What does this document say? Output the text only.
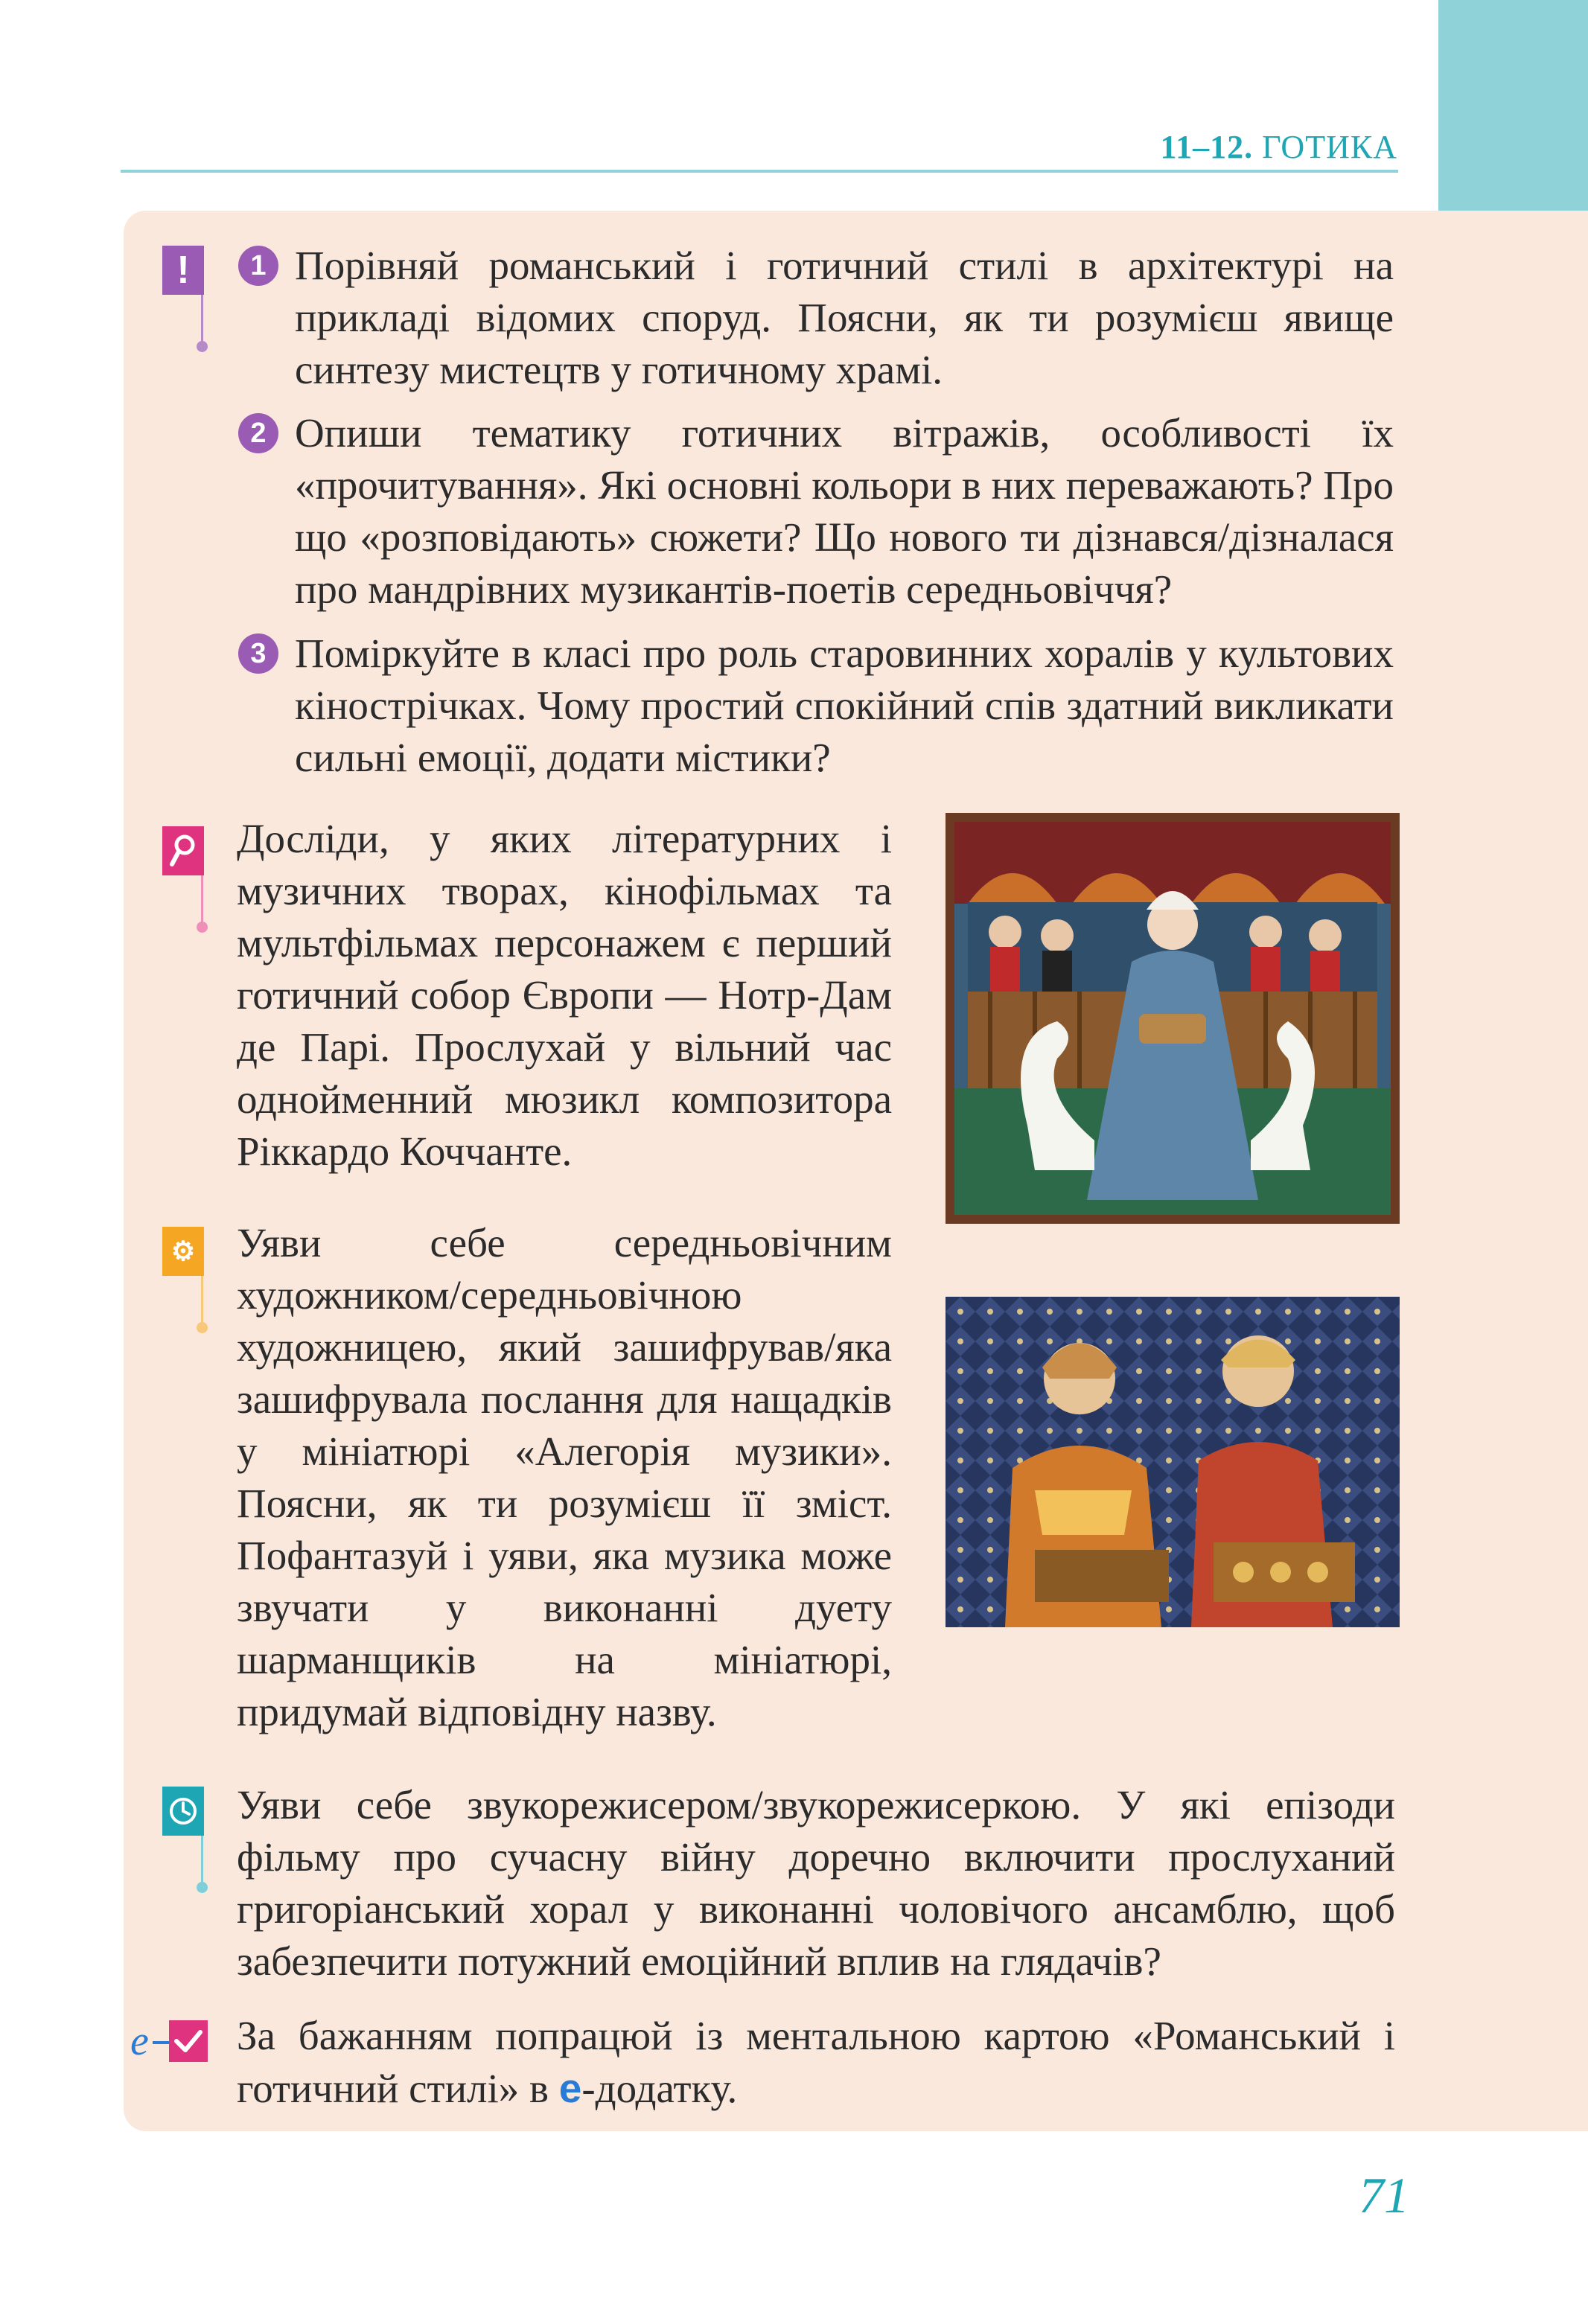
11–12. ГОТИКА
!	1 Порівняй романський і готичний стилі в архітектурі на прикладі відомих споруд. Поясни, як ти розумієш явище синтезу мистецтв у готичному храмі.
2 Опиши тематику готичних вітражів, особливості їх «прочитування». Які основні кольори в них переважають? Про що «розповідають» сюжети? Що нового ти дізнався/дізналася про мандрівних музикантів-поетів середньовіччя?
3 Поміркуйте в класі про роль старовинних хоралів у культових кінострічках. Чому простий спокійний спів здатний викликати сильні емоції, додати містики?
Досліди, у яких літературних і музичних творах, кінофільмах та мультфільмах персонажем є перший готичний собор Європи — Нотр-Дам де Парі. Прослухай у вільний час однойменний мюзикл композитора Ріккардо Коччанте.
⚙ Уяви себе середньовічним художником/середньовічною художницею, який зашифрував/яка зашифрувала послання для нащадків у мініатюрі «Алегорія музики». Поясни, як ти розумієш її зміст. Пофантазуй і уяви, яка музика може звучати у виконанні дуету шарманщиків на мініатюрі, придумай відповідну назву.
Уяви себе звукорежисером/звукорежисеркою. У які епізоди фільму про сучасну війну доречно включити прослуханий григоріанський хорал у виконанні чоловічого ансамблю, щоб забезпечити потужний емоційний вплив на глядачів?
e За бажанням попрацюй із ментальною картою «Романський і готичний стилі» в е-додатку.
71
